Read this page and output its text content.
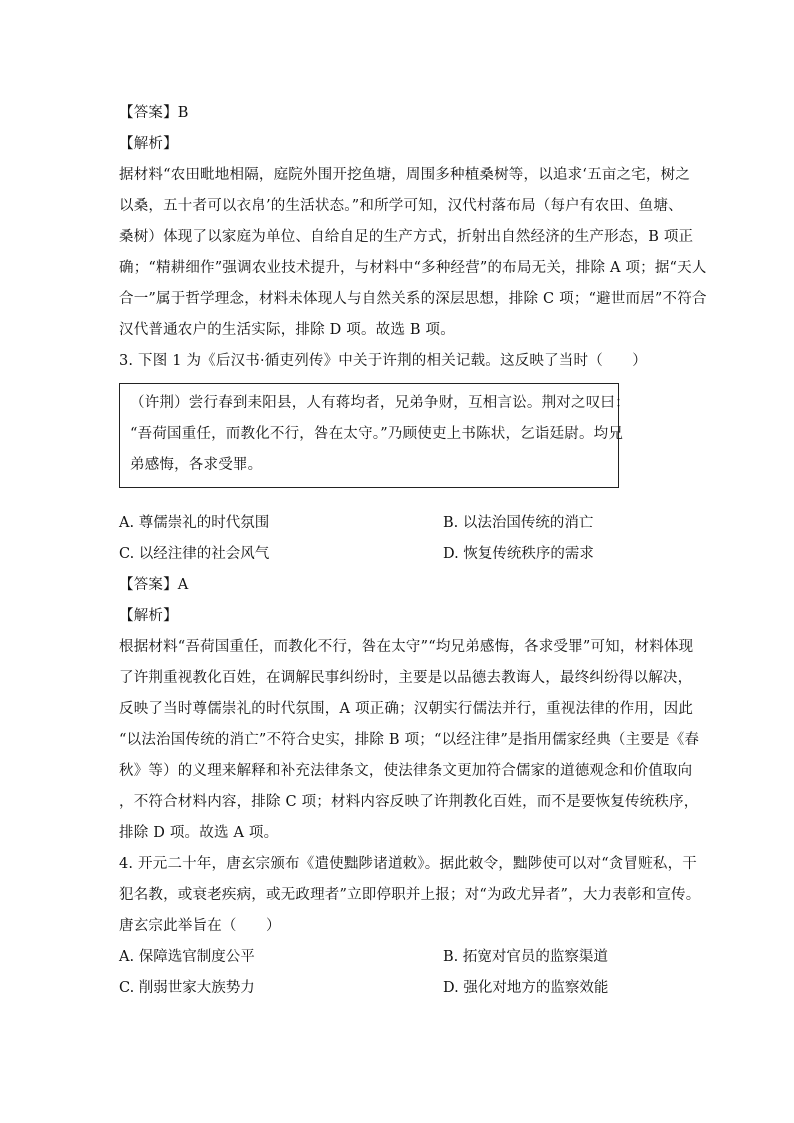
【答案】B
【解析】
据材料“农田毗地相隔，庭院外围开挖鱼塘，周围多种植桑树等，以追求‘五亩之宅，树之
以桑，五十者可以衣帛’的生活状态。”和所学可知，汉代村落布局（每户有农田、鱼塘、
桑树）体现了以家庭为单位、自给自足的生产方式，折射出自然经济的生产形态，B 项正
确；“精耕细作”强调农业技术提升，与材料中“多种经营”的布局无关，排除 A 项；据“天人
合一”属于哲学理念，材料未体现人与自然关系的深层思想，排除 C 项；“避世而居”不符合
汉代普通农户的生活实际，排除 D 项。故选 B 项。
3. 下图 1 为《后汉书·循吏列传》中关于许荆的相关记载。这反映了当时（　　）
（许荆）尝行春到耒阳县，人有蒋均者，兄弟争财，互相言讼。荆对之叹曰：
“吾荷国重任，而教化不行，咎在太守。”乃顾使吏上书陈状，乞诣廷尉。均兄
弟感悔，各求受罪。
A. 尊儒崇礼的时代氛围	B. 以法治国传统的消亡
C. 以经注律的社会风气	D. 恢复传统秩序的需求
【答案】A
【解析】
根据材料“吾荷国重任，而教化不行，咎在太守”“均兄弟感悔，各求受罪”可知，材料体现
了许荆重视教化百姓，在调解民事纠纷时，主要是以品德去教诲人，最终纠纷得以解决，
反映了当时尊儒崇礼的时代氛围，A 项正确；汉朝实行儒法并行，重视法律的作用，因此
“以法治国传统的消亡”不符合史实，排除 B 项；“以经注律”是指用儒家经典（主要是《春
秋》等）的义理来解释和补充法律条文，使法律条文更加符合儒家的道德观念和价值取向
，不符合材料内容，排除 C 项；材料内容反映了许荆教化百姓，而不是要恢复传统秩序，
排除 D 项。故选 A 项。
4. 开元二十年，唐玄宗颁布《遣使黜陟诸道敕》。据此敕令，黜陟使可以对“贪冒赃私，干
犯名教，或衰老疾病，或无政理者”立即停职并上报；对“为政尤异者”，大力表彰和宣传。
唐玄宗此举旨在（　　）
A. 保障选官制度公平	B. 拓宽对官员的监察渠道
C. 削弱世家大族势力	D. 强化对地方的监察效能
